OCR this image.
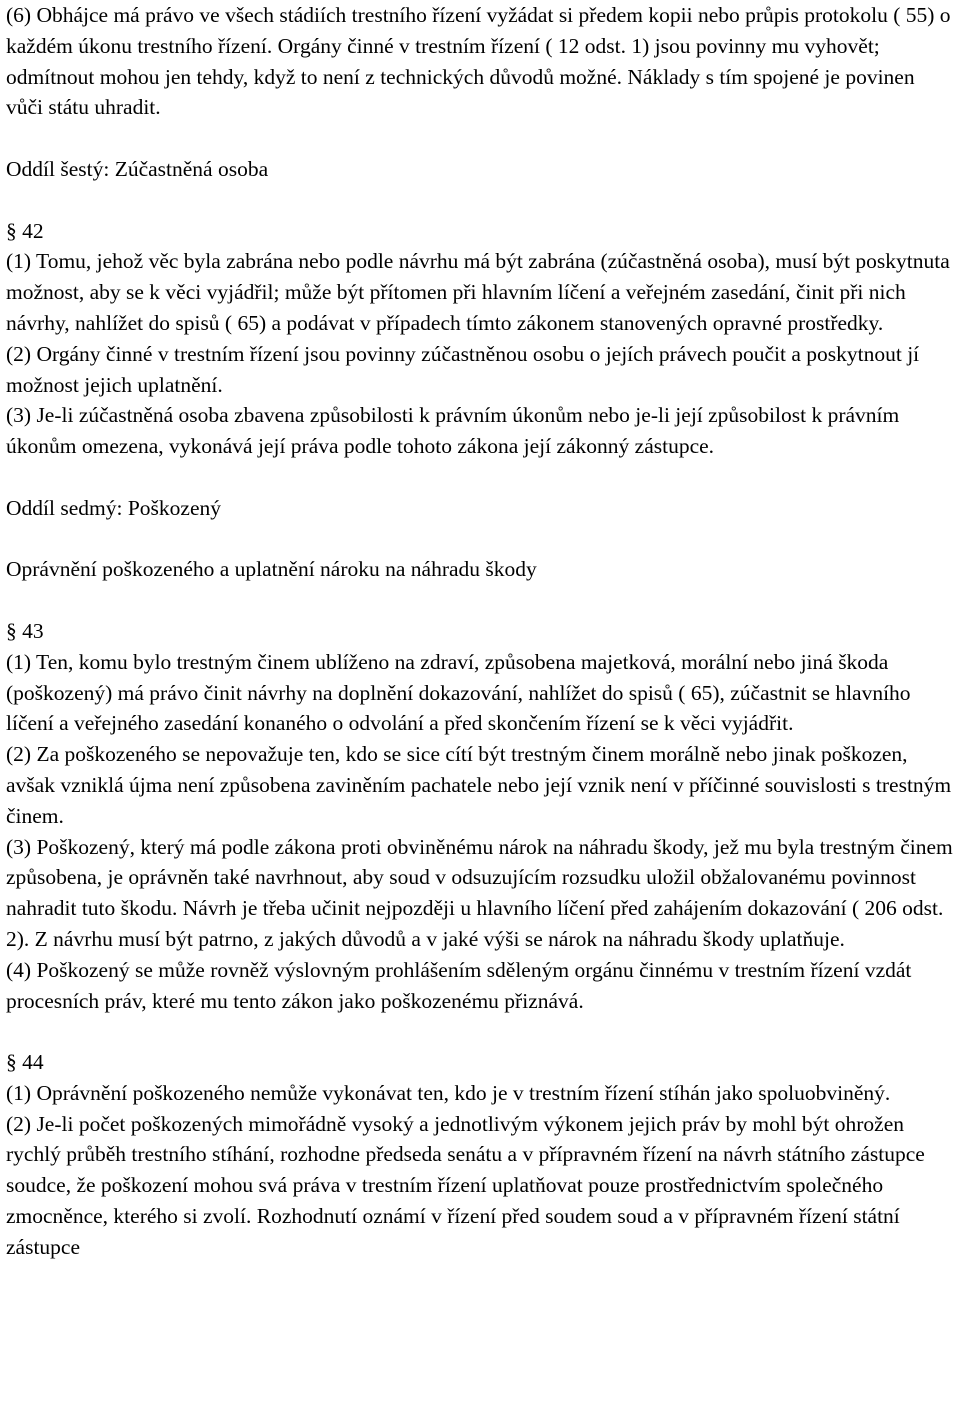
(6) Obhájce má právo ve všech stádiích trestního řízení vyžádat si předem kopii nebo průpis protokolu ( 55) o každém úkonu trestního řízení. Orgány činné v trestním řízení ( 12 odst. 1) jsou povinny mu vyhovět; odmítnout mohou jen tehdy, když to není z technických důvodů možné. Náklady s tím spojené je povinen vůči státu uhradit.

Oddíl šestý: Zúčastněná osoba

§ 42

(1) Tomu, jehož věc byla zabrána nebo podle návrhu má být zabrána (zúčastněná osoba), musí být poskytnuta možnost, aby se k věci vyjádřil; může být přítomen při hlavním líčení a veřejném zasedání, činit při nich návrhy, nahlížet do spisů ( 65) a podávat v případech tímto zákonem stanovených opravné prostředky.

(2) Orgány činné v trestním řízení jsou povinny zúčastněnou osobu o jejích právech poučit a poskytnout jí možnost jejich uplatnění.

(3) Je-li zúčastněná osoba zbavena způsobilosti k právním úkonům nebo je-li její způsobilost k právním úkonům omezena, vykonává její práva podle tohoto zákona její zákonný zástupce.

Oddíl sedmý: Poškozený

Oprávnění poškozeného a uplatnění nároku na náhradu škody

§ 43

(1) Ten, komu bylo trestným činem ublíženo na zdraví, způsobena majetková, morální nebo jiná škoda (poškozený) má právo činit návrhy na doplnění dokazování, nahlížet do spisů ( 65), zúčastnit se hlavního líčení a veřejného zasedání konaného o odvolání a před skončením řízení se k věci vyjádřit.

(2) Za poškozeného se nepovažuje ten, kdo se sice cítí být trestným činem morálně nebo jinak poškozen, avšak vzniklá újma není způsobena zaviněním pachatele nebo její vznik není v příčinné souvislosti s trestným činem.

(3) Poškozený, který má podle zákona proti obviněnému nárok na náhradu škody, jež mu byla trestným činem způsobena, je oprávněn také navrhnout, aby soud v odsuzujícím rozsudku uložil obžalovanému povinnost nahradit tuto škodu. Návrh je třeba učinit nejpozději u hlavního líčení před zahájením dokazování ( 206 odst. 2). Z návrhu musí být patrno, z jakých důvodů a v jaké výši se nárok na náhradu škody uplatňuje.

(4) Poškozený se může rovněž výslovným prohlášením sděleným orgánu činnému v trestním řízení vzdát procesních práv, které mu tento zákon jako poškozenému přiznává.

§ 44

(1) Oprávnění poškozeného nemůže vykonávat ten, kdo je v trestním řízení stíhán jako spoluobviněný.

(2) Je-li počet poškozených mimořádně vysoký a jednotlivým výkonem jejich práv by mohl být ohrožen rychlý průběh trestního stíhání, rozhodne předseda senátu a v přípravném řízení na návrh státního zástupce soudce, že poškození mohou svá práva v trestním řízení uplatňovat pouze prostřednictvím společného zmocněnce, kterého si zvolí. Rozhodnutí oznámí v řízení před soudem soud a v přípravném řízení státní zástupce
